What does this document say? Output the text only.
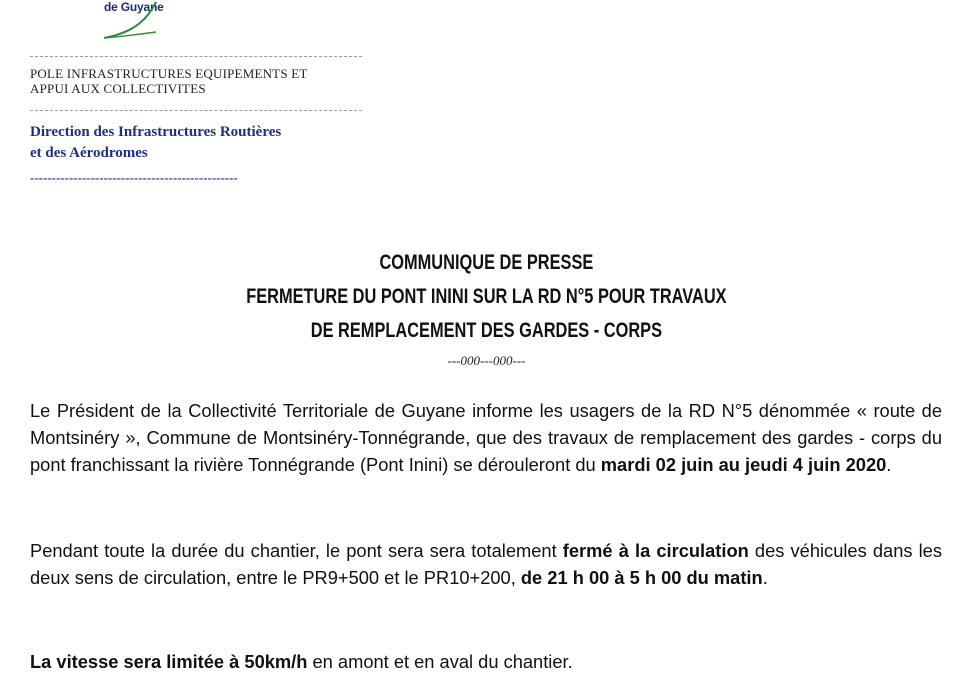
de Guyane
POLE INFRASTRUCTURES EQUIPEMENTS ET
APPUI AUX COLLECTIVITES
Direction des Infrastructures Routières
et des Aérodromes
------------------------------------------------
COMMUNIQUE DE PRESSE
FERMETURE DU PONT ININI SUR LA RD N°5 POUR TRAVAUX
DE REMPLACEMENT DES GARDES - CORPS
---000---000---
Le Président de la Collectivité Territoriale de Guyane informe les usagers de la RD N°5 dénommée « route de Montsinéry », Commune de Montsinéry-Tonnégrande, que des travaux de remplacement des gardes - corps du pont franchissant la rivière Tonnégrande (Pont Inini) se dérouleront du mardi 02 juin au jeudi 4 juin 2020.
Pendant toute la durée du chantier, le pont sera sera totalement fermé à la circulation des véhicules dans les deux sens de circulation, entre le PR9+500 et le PR10+200, de 21 h 00 à 5 h 00 du matin.
La vitesse sera limitée à 50km/h en amont et en aval du chantier.
